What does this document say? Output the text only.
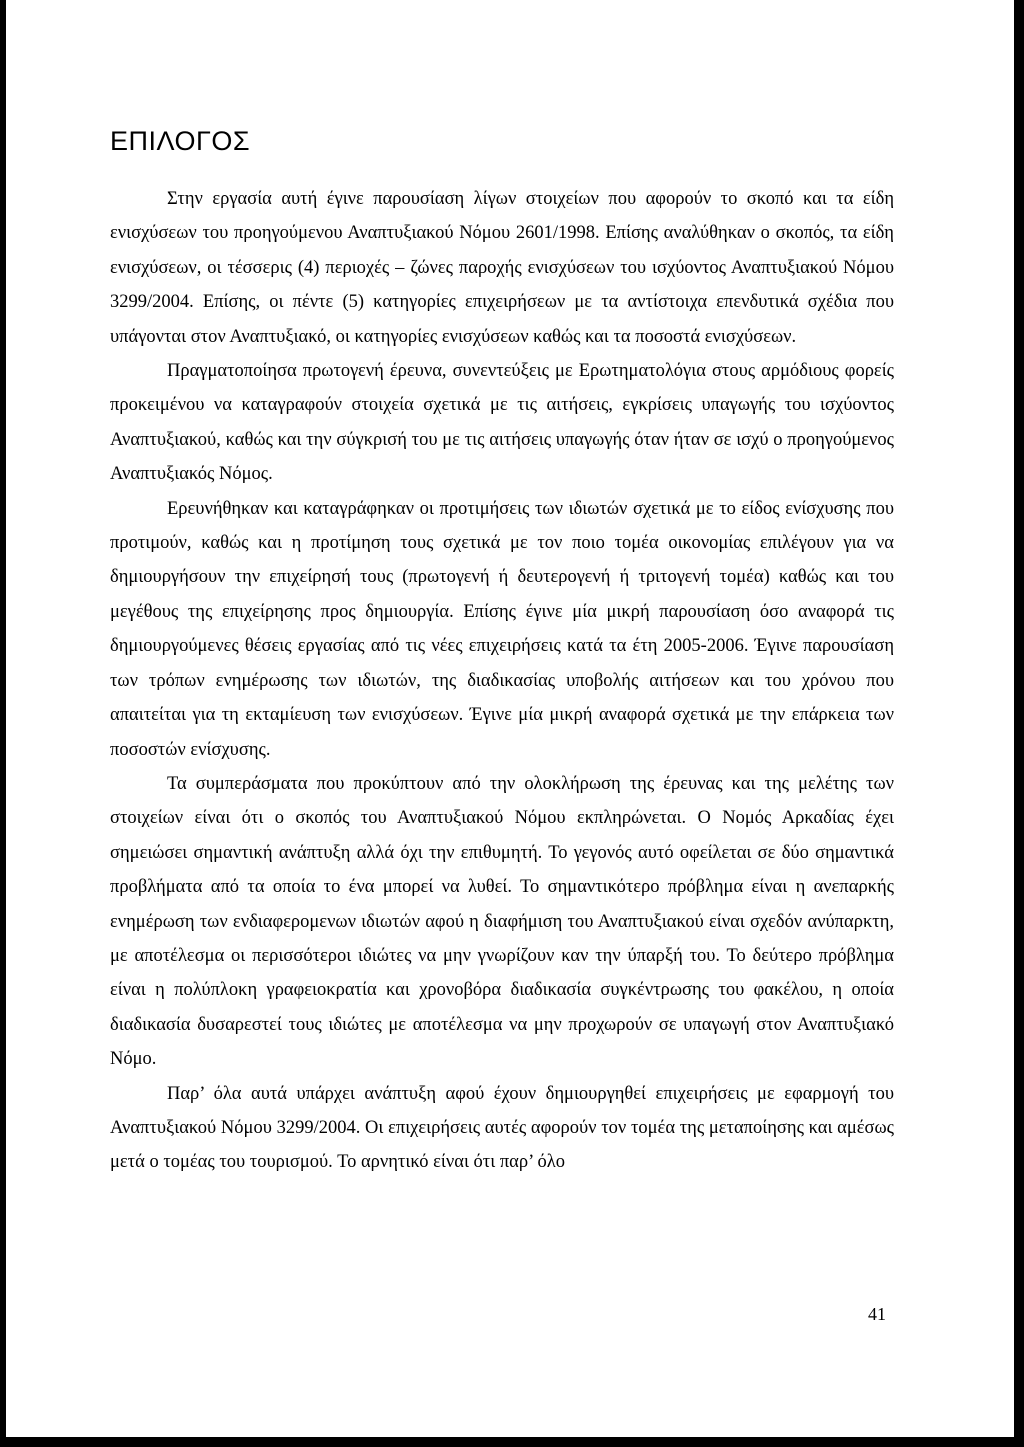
ΕΠΙΛΟΓΟΣ

Στην εργασία αυτή έγινε παρουσίαση λίγων στοιχείων που αφορούν το σκοπό και τα είδη ενισχύσεων του προηγούμενου Αναπτυξιακού Νόμου 2601/1998. Επίσης αναλύθηκαν ο σκοπός, τα είδη ενισχύσεων, οι τέσσερις (4) περιοχές – ζώνες παροχής ενισχύσεων του ισχύοντος Αναπτυξιακού Νόμου 3299/2004. Επίσης, οι πέντε (5) κατηγορίες επιχειρήσεων με τα αντίστοιχα επενδυτικά σχέδια που υπάγονται στον Αναπτυξιακό, οι κατηγορίες ενισχύσεων καθώς και τα ποσοστά ενισχύσεων.

Πραγματοποίησα πρωτογενή έρευνα, συνεντεύξεις με Ερωτηματολόγια στους αρμόδιους φορείς προκειμένου να καταγραφούν στοιχεία σχετικά με τις αιτήσεις, εγκρίσεις υπαγωγής του ισχύοντος Αναπτυξιακού, καθώς και την σύγκρισή του με τις αιτήσεις υπαγωγής όταν ήταν σε ισχύ ο προηγούμενος Αναπτυξιακός Νόμος.

Ερευνήθηκαν και καταγράφηκαν οι προτιμήσεις των ιδιωτών σχετικά με το είδος ενίσχυσης που προτιμούν, καθώς και η προτίμηση τους σχετικά με τον ποιο τομέα οικονομίας επιλέγουν για να δημιουργήσουν την επιχείρησή τους (πρωτογενή ή δευτερογενή ή τριτογενή τομέα) καθώς και του μεγέθους της επιχείρησης προς δημιουργία. Επίσης έγινε μία μικρή παρουσίαση όσο αναφορά τις δημιουργούμενες θέσεις εργασίας από τις νέες επιχειρήσεις κατά τα έτη 2005-2006. Έγινε παρουσίαση των τρόπων ενημέρωσης των ιδιωτών, της διαδικασίας υποβολής αιτήσεων και του χρόνου που απαιτείται για τη εκταμίευση των ενισχύσεων. Έγινε μία μικρή αναφορά σχετικά με την επάρκεια των ποσοστών ενίσχυσης.

Τα συμπεράσματα που προκύπτουν από την ολοκλήρωση της έρευνας και της μελέτης των στοιχείων είναι ότι ο σκοπός του Αναπτυξιακού Νόμου εκπληρώνεται. Ο Νομός Αρκαδίας έχει σημειώσει σημαντική ανάπτυξη αλλά όχι την επιθυμητή. Το γεγονός αυτό οφείλεται σε δύο σημαντικά προβλήματα από τα οποία το ένα μπορεί να λυθεί. Το σημαντικότερο πρόβλημα είναι η ανεπαρκής ενημέρωση των ενδιαφερομενων ιδιωτών αφού η διαφήμιση του Αναπτυξιακού είναι σχεδόν ανύπαρκτη, με αποτέλεσμα οι περισσότεροι ιδιώτες να μην γνωρίζουν καν την ύπαρξή του. Το δεύτερο πρόβλημα είναι η πολύπλοκη γραφειοκρατία και χρονοβόρα διαδικασία συγκέντρωσης του φακέλου, η οποία διαδικασία δυσαρεστεί τους ιδιώτες με αποτέλεσμα να μην προχωρούν σε υπαγωγή στον Αναπτυξιακό Νόμο.

Παρ’ όλα αυτά υπάρχει ανάπτυξη αφού έχουν δημιουργηθεί επιχειρήσεις με εφαρμογή του Αναπτυξιακού Νόμου 3299/2004. Οι επιχειρήσεις αυτές αφορούν τον τομέα της μεταποίησης και αμέσως μετά ο τομέας του τουρισμού. Το αρνητικό είναι ότι παρ’ όλο

41
